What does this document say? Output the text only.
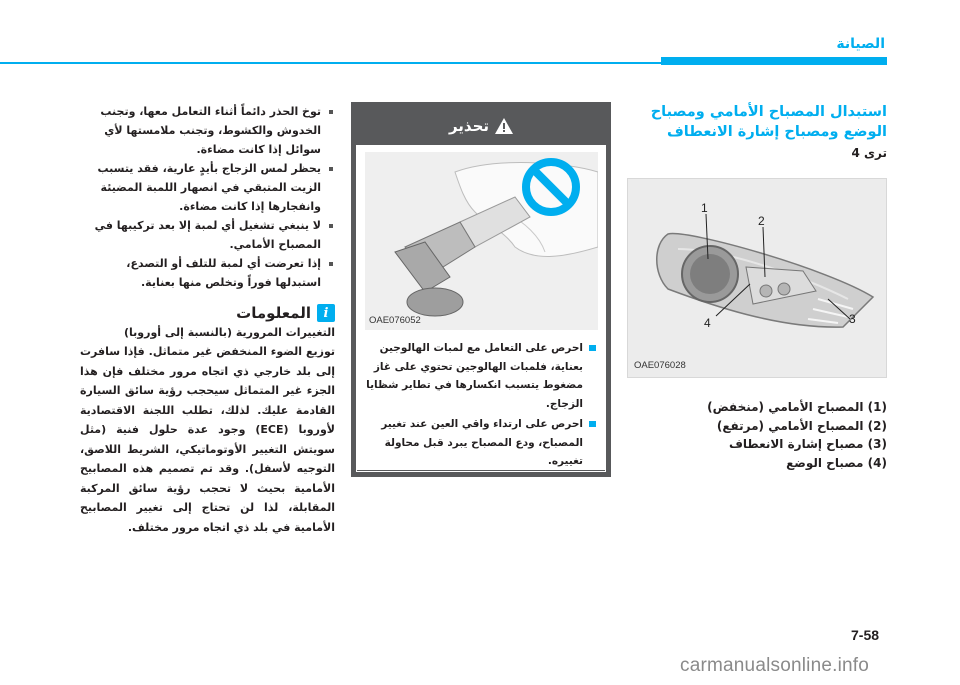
الصيانة
توخ الحذر دائماً أثناء التعامل معها، وتجنب الخدوش والكشوط، وتجنب ملامستها لأي سوائل إذا كانت مضاءة.
يحظر لمس الزجاج بأيدٍ عارية، فقد يتسبب الزيت المتبقي في انصهار اللمبة المضيئة وانفجارها إذا كانت مضاءة.
لا ينبغي تشغيل أي لمبة إلا بعد تركيبها في المصباح الأمامي.
إذا تعرضت أي لمبة للتلف أو التصدع، استبدلها فوراً وتخلص منها بعناية.
i
المعلومات
التغييرات المرورية (بالنسبة إلى أوروبا)
توزيع الضوء المنخفض غير متماثل. فإذا سافرت إلى بلد خارجي ذي اتجاه مرور مختلف فإن هذا الجزء غير المتماثل سيحجب رؤية سائق السيارة القادمة عليك. لذلك، تطلب اللجنة الاقتصادية لأوروبا (ECE) وجود عدة حلول فنية (مثل سويتش التغيير الأوتوماتيكي، الشريط اللاصق، التوجيه لأسفل). وقد تم تصميم هذه المصابيح الأمامية بحيث لا تحجب رؤية سائق المركبة المقابلة، لذا لن تحتاج إلى تغيير المصابيح الأمامية في بلد ذي اتجاه مرور مختلف.
تحذير
OAE076052
احرص على التعامل مع لمبات الهالوجين بعناية، فلمبات الهالوجين تحتوي على غاز مضغوط يتسبب انكسارها في تطاير شظايا الزجاج.
احرص على ارتداء واقي العين عند تغيير المصباح، ودع المصباح يبرد قبل محاولة تغييره.
استبدال المصباح الأمامي ومصباح الوضع ومصباح إشارة الانعطاف
ترى 4
1
2
3
4
OAE076028
(1) المصباح الأمامي (منخفض)
(2) المصباح الأمامي (مرتفع)
(3) مصباح إشارة الانعطاف
(4) مصباح الوضع
7-58
carmanualsonline.info
